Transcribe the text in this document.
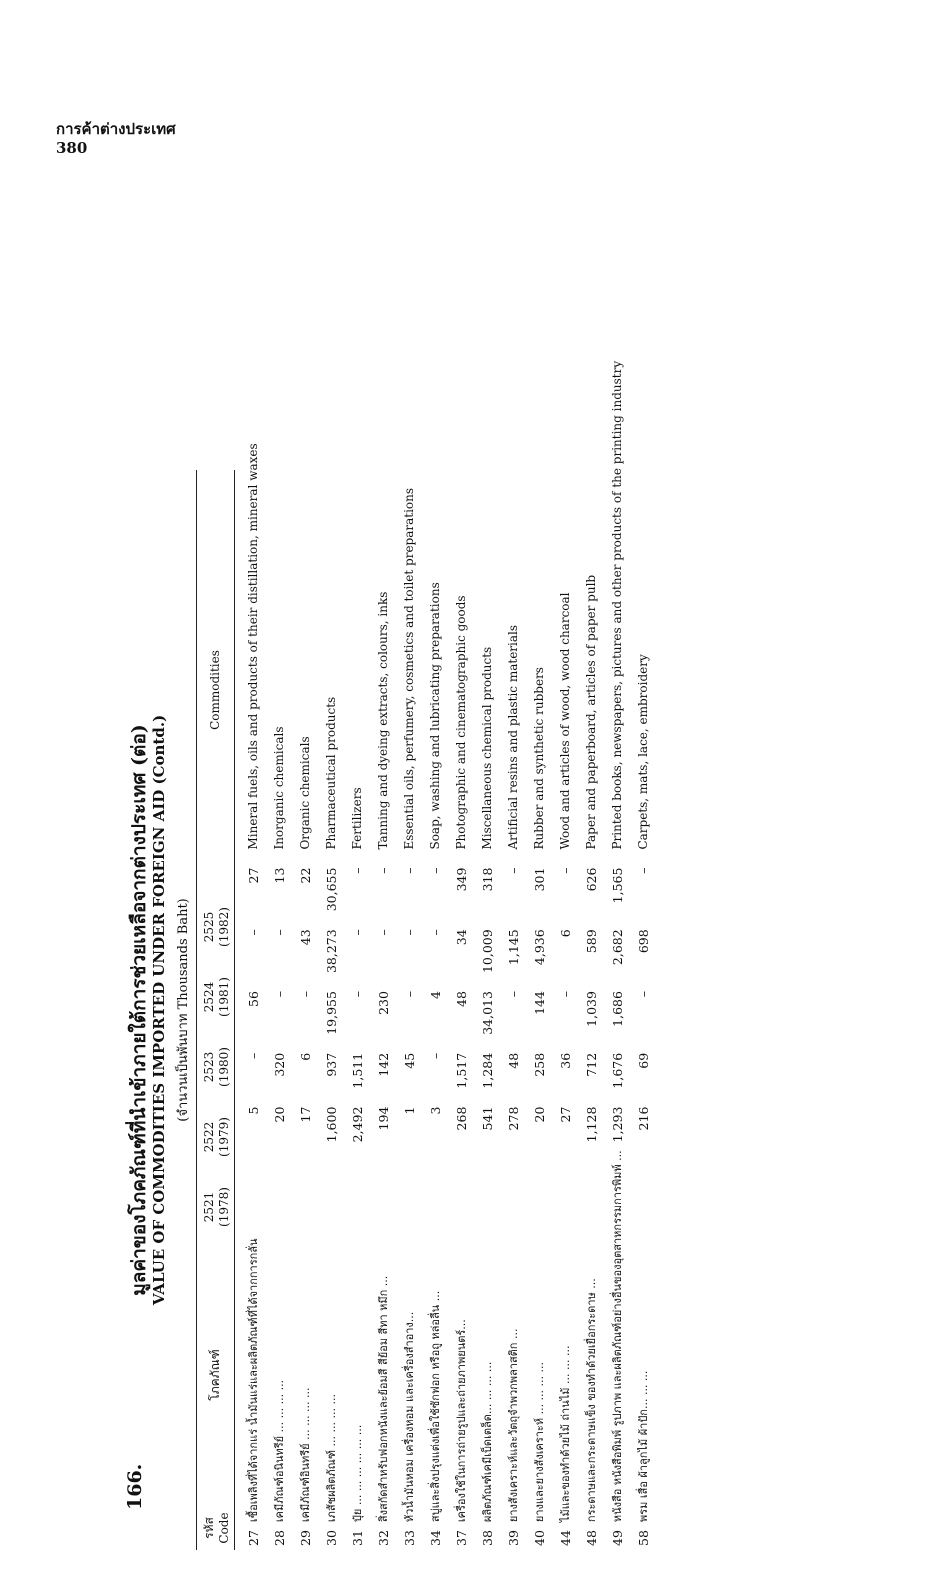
การค้าต่างประเทศ
380
166.
มูลค่าของโภคภัณฑ์ที่นำเข้าภายใต้การช่วยเหลือจากต่างประเทศ (ต่อ) VALUE OF COMMODITIES IMPORTED UNDER FOREIGN AID (Contd.) (จำนวนเป็นพันบาท Thousands Baht)
รหัส Code
โภคภัณฑ์
2521 (1978)
2522 (1979)
2523 (1980)
2524 (1981)
2525 (1982)
Commodities
27	เชื้อเพลิงที่ได้จากแร่ น้ำมันแร่และผลิตภัณฑ์ที่ได้จากการกลั่น	5	–	56	–	27	Mineral fuels, oils and products of their distillation, mineral waxes
28	เคมีภัณฑ์อนินทรีย์ ... ... ... ...	20	320	–	–	13	Inorganic chemicals
29	เคมีภัณฑ์อินทรีย์ ... ... ... ...	17	6	–	43	22	Organic chemicals
30	เภสัชผลิตภัณฑ์ ... ... ... ...	1,600	937	19,955	38,273	30,655	Pharmaceutical products
31	ปุ๋ย ... ... ... ... ... ...	2,492	1,511	–	–	–	Fertilizers
32	สิ่งสกัดสำหรับฟอกหนังและย้อมสี สีย้อม สีทา หมึก ...	194	142	230	–	–	Tanning and dyeing extracts, colours, inks
33	หัวน้ำมันหอม เครื่องหอม และเครื่องสำอาง...	1	45	–	–	–	Essential oils, perfumery, cosmetics and toilet preparations
34	สบู่และสิ่งปรุงแต่งเพื่อใช้ซักฟอก หรือถู หล่อลื่น ...	3	–	4	–	–	Soap, washing and lubricating preparations
37	เครื่องใช้ในการถ่ายรูปและถ่ายภาพยนตร์...	268	1,517	48	34	349	Photographic and cinematographic goods
38	ผลิตภัณฑ์เคมีเบ็ดเตล็ด... ... ... ...	541	1,284	34,013	10,009	318	Miscellaneous chemical products
39	ยางสังเคราะห์และวัตถุจำพวกพลาสติก ...	278	48	–	1,145	–	Artificial resins and plastic materials
40	ยางและยางสังเคราะห์ ... ... ... ...	20	258	144	4,936	301	Rubber and synthetic rubbers
44	ไม้และของทำด้วยไม้ ถ่านไม้ ... ... ...	27	36	–	6	–	Wood and articles of wood, wood charcoal
48	กระดาษและกระดาษแข็ง ของทำด้วยเยื่อกระดาษ ...	1,128	712	1,039	589	626	Paper and paperboard, articles of paper pulb
49	หนังสือ หนังสือพิมพ์ รูปภาพ และผลิตภัณฑ์อย่างอื่นของอุตสาหกรรมการพิมพ์ ...	1,293	1,676	1,686	2,682	1,565	Printed books, newspapers, pictures and other products of the printing industry
58	พรม เสื่อ ผ้าลูกไม้ ผ้าปัก... ... ...	216	69	–	698	–	Carpets, mats, lace, embroidery
